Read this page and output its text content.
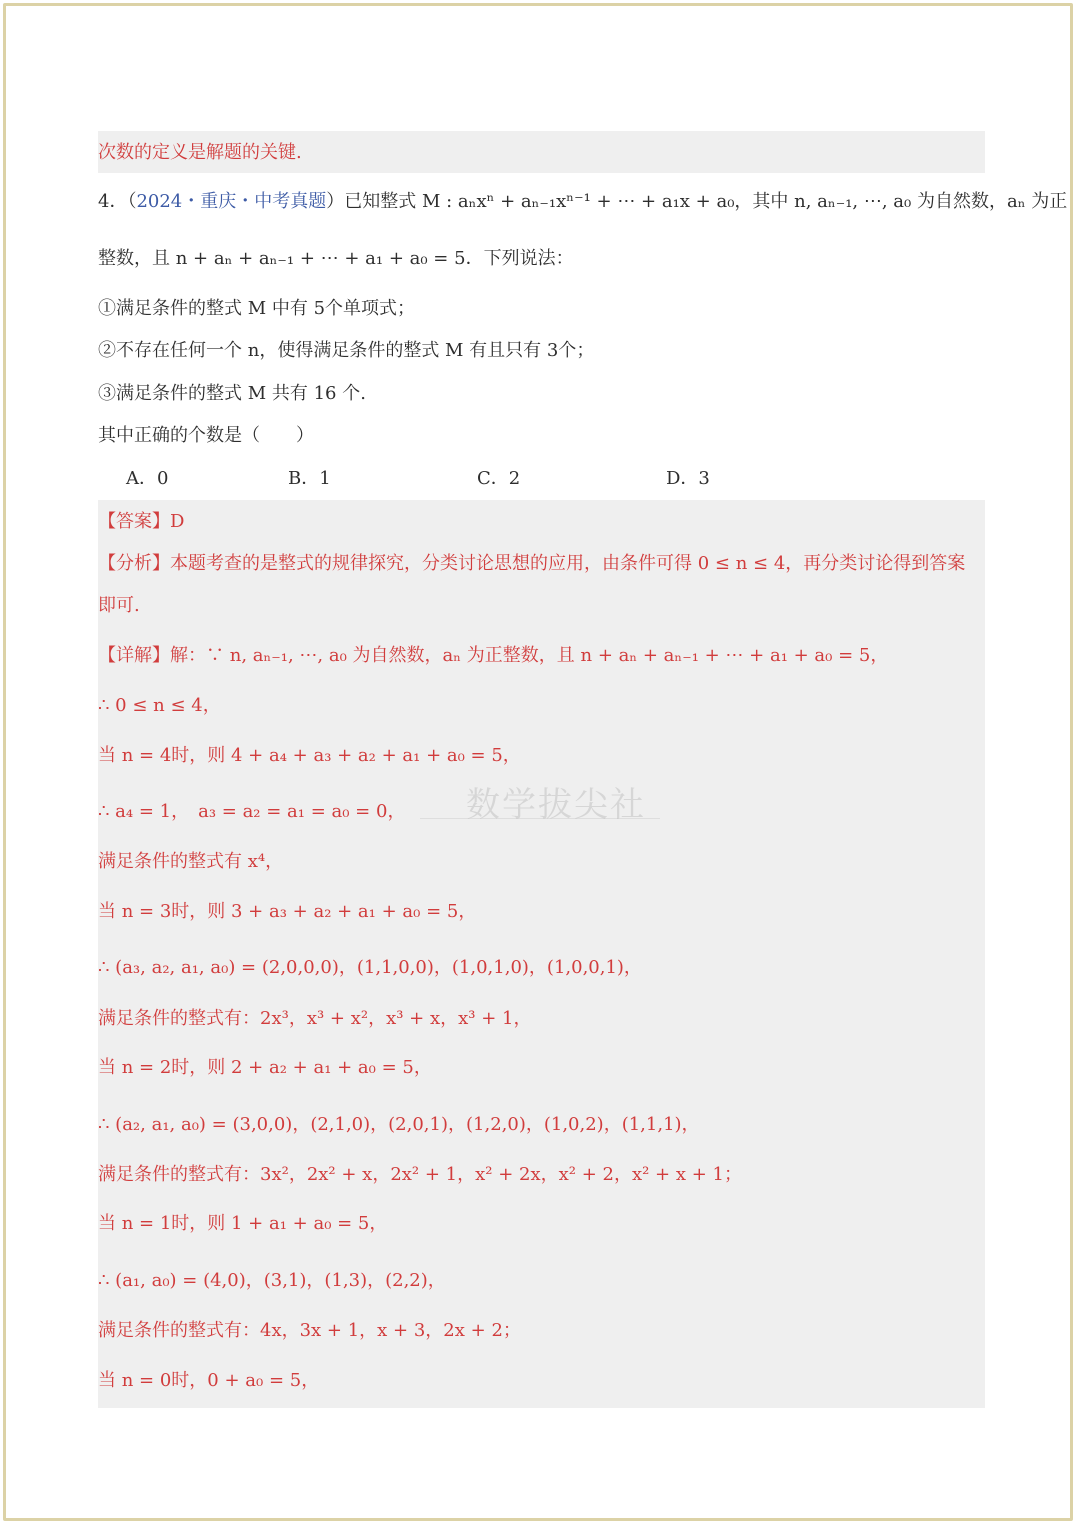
次数的定义是解题的关键.
4．（2024・重庆・中考真题）已知整式 M : aₙxⁿ + aₙ₋₁xⁿ⁻¹ + ⋯ + a₁x + a₀，其中 n, aₙ₋₁, ⋯, a₀ 为自然数，aₙ 为正
整数，且 n + aₙ + aₙ₋₁ + ⋯ + a₁ + a₀ = 5．下列说法：
①满足条件的整式 M 中有 5个单项式；
②不存在任何一个 n，使得满足条件的整式 M 有且只有 3个；
③满足条件的整式 M 共有 16 个.
其中正确的个数是（　　）
A．0	B．1	C．2	D．3
【答案】D
【分析】本题考查的是整式的规律探究，分类讨论思想的应用，由条件可得 0 ≤ n ≤ 4，再分类讨论得到答案
即可.
【详解】解：∵ n, aₙ₋₁, ⋯, a₀ 为自然数，aₙ 为正整数，且 n + aₙ + aₙ₋₁ + ⋯ + a₁ + a₀ = 5，
∴ 0 ≤ n ≤ 4，
当 n = 4时，则 4 + a₄ + a₃ + a₂ + a₁ + a₀ = 5，
∴ a₄ = 1，　a₃ = a₂ = a₁ = a₀ = 0，
满足条件的整式有 x⁴，
当 n = 3时，则 3 + a₃ + a₂ + a₁ + a₀ = 5，
∴ (a₃, a₂, a₁, a₀) = (2,0,0,0)，(1,1,0,0)，(1,0,1,0)，(1,0,0,1)，
满足条件的整式有：2x³，x³ + x²，x³ + x，x³ + 1，
当 n = 2时，则 2 + a₂ + a₁ + a₀ = 5，
∴ (a₂, a₁, a₀) = (3,0,0)，(2,1,0)，(2,0,1)，(1,2,0)，(1,0,2)，(1,1,1)，
满足条件的整式有：3x²，2x² + x，2x² + 1，x² + 2x，x² + 2，x² + x + 1；
当 n = 1时，则 1 + a₁ + a₀ = 5，
∴ (a₁, a₀) = (4,0)，(3,1)，(1,3)，(2,2)，
满足条件的整式有：4x，3x + 1，x + 3，2x + 2；
当 n = 0时，0 + a₀ = 5，
数学拔尖社
